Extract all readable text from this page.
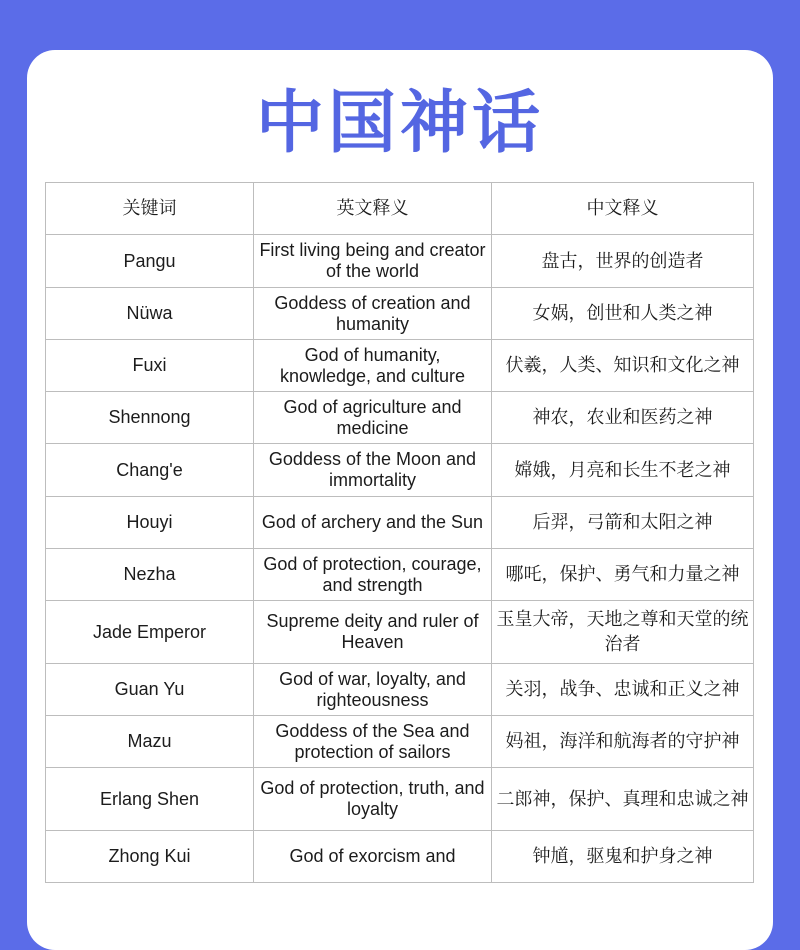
中国神话
关键词	英文释义	中文释义
Pangu	First living being and creator of the world	盘古，世界的创造者
Nüwa	Goddess of creation and humanity	女娲，创世和人类之神
Fuxi	God of humanity, knowledge, and culture	伏羲，人类、知识和文化之神
Shennong	God of agriculture and medicine	神农，农业和医药之神
Chang'e	Goddess of the Moon and immortality	嫦娥，月亮和长生不老之神
Houyi	God of archery and the Sun	后羿，弓箭和太阳之神
Nezha	God of protection, courage, and strength	哪吒，保护、勇气和力量之神
Jade Emperor	Supreme deity and ruler of Heaven	玉皇大帝，天地之尊和天堂的统治者
Guan Yu	God of war, loyalty, and righteousness	关羽，战争、忠诚和正义之神
Mazu	Goddess of the Sea and protection of sailors	妈祖，海洋和航海者的守护神
Erlang Shen	God of protection, truth, and loyalty	二郎神，保护、真理和忠诚之神
Zhong Kui	God of exorcism and	钟馗，驱鬼和护身之神
